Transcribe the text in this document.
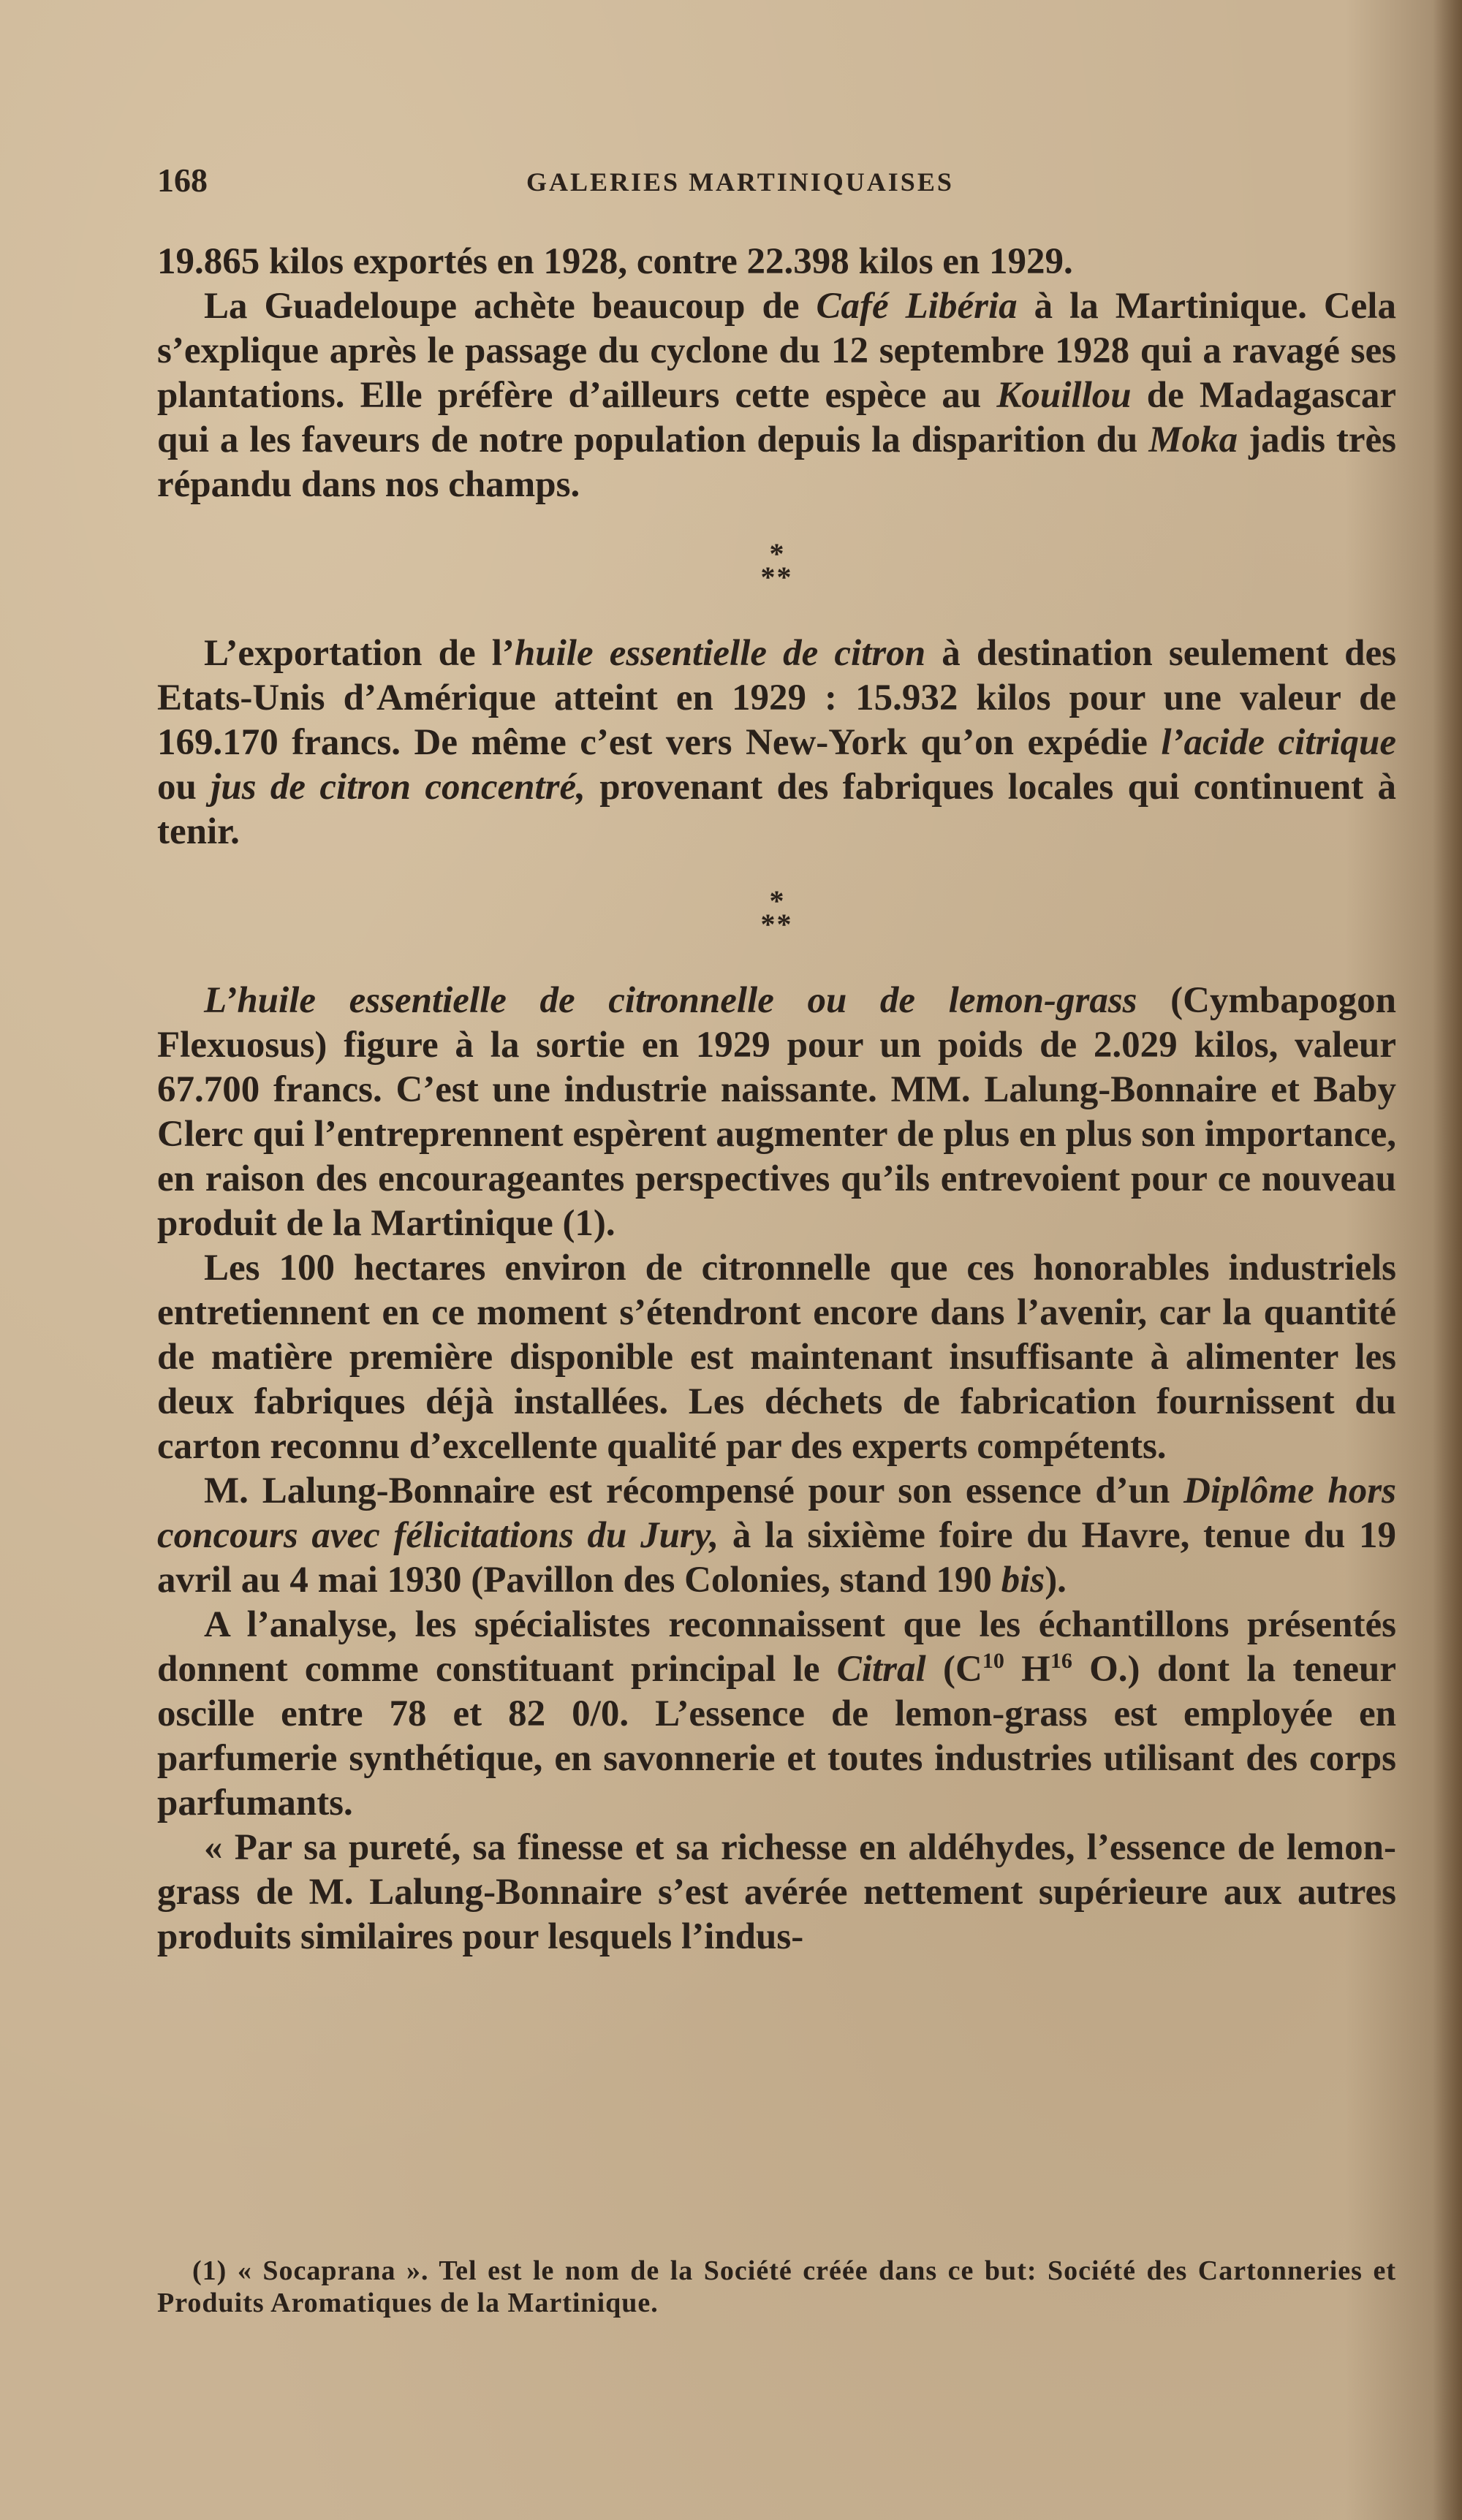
168	GALERIES MARTINIQUAISES

19.865 kilos exportés en 1928, contre 22.398 kilos en 1929.

La Guadeloupe achète beaucoup de Café Libéria à la Martinique. Cela s’explique après le passage du cyclone du 12 septembre 1928 qui a ravagé ses plantations. Elle préfère d’ailleurs cette espèce au Kouillou de Madagascar qui a les faveurs de notre population depuis la disparition du Moka jadis très répandu dans nos champs.

*
**

L’exportation de l’huile essentielle de citron à destination seulement des Etats-Unis d’Amérique atteint en 1929 : 15.932 kilos pour une valeur de 169.170 francs. De même c’est vers New-York qu’on expédie l’acide citrique ou jus de citron concentré, provenant des fabriques locales qui continuent à tenir.

*
**

L’huile essentielle de citronnelle ou de lemon-grass (Cymbapogon Flexuosus) figure à la sortie en 1929 pour un poids de 2.029 kilos, valeur 67.700 francs. C’est une industrie naissante. MM. Lalung-Bonnaire et Baby Clerc qui l’entreprennent espèrent augmenter de plus en plus son importance, en raison des encourageantes perspectives qu’ils entrevoient pour ce nouveau produit de la Martinique (1).

Les 100 hectares environ de citronnelle que ces honorables industriels entretiennent en ce moment s’étendront encore dans l’avenir, car la quantité de matière première disponible est maintenant insuffisante à alimenter les deux fabriques déjà installées. Les déchets de fabrication fournissent du carton reconnu d’excellente qualité par des experts compétents.

M. Lalung-Bonnaire est récompensé pour son essence d’un Diplôme hors concours avec félicitations du Jury, à la sixième foire du Havre, tenue du 19 avril au 4 mai 1930 (Pavillon des Colonies, stand 190 bis).

A l’analyse, les spécialistes reconnaissent que les échantillons présentés donnent comme constituant principal le Citral ($C^{10}$ $H^{16}$ O.) dont la teneur oscille entre 78 et 82 0/0. L’essence de lemon-grass est employée en parfumerie synthétique, en savonnerie et toutes industries utilisant des corps parfumants.

« Par sa pureté, sa finesse et sa richesse en aldéhydes, l’essence de lemon-grass de M. Lalung-Bonnaire s’est avérée nettement supérieure aux autres produits similaires pour lesquels l’indus-

(1) « Socaprana ». Tel est le nom de la Société créée dans ce but: Société des Cartonneries et Produits Aromatiques de la Martinique.
